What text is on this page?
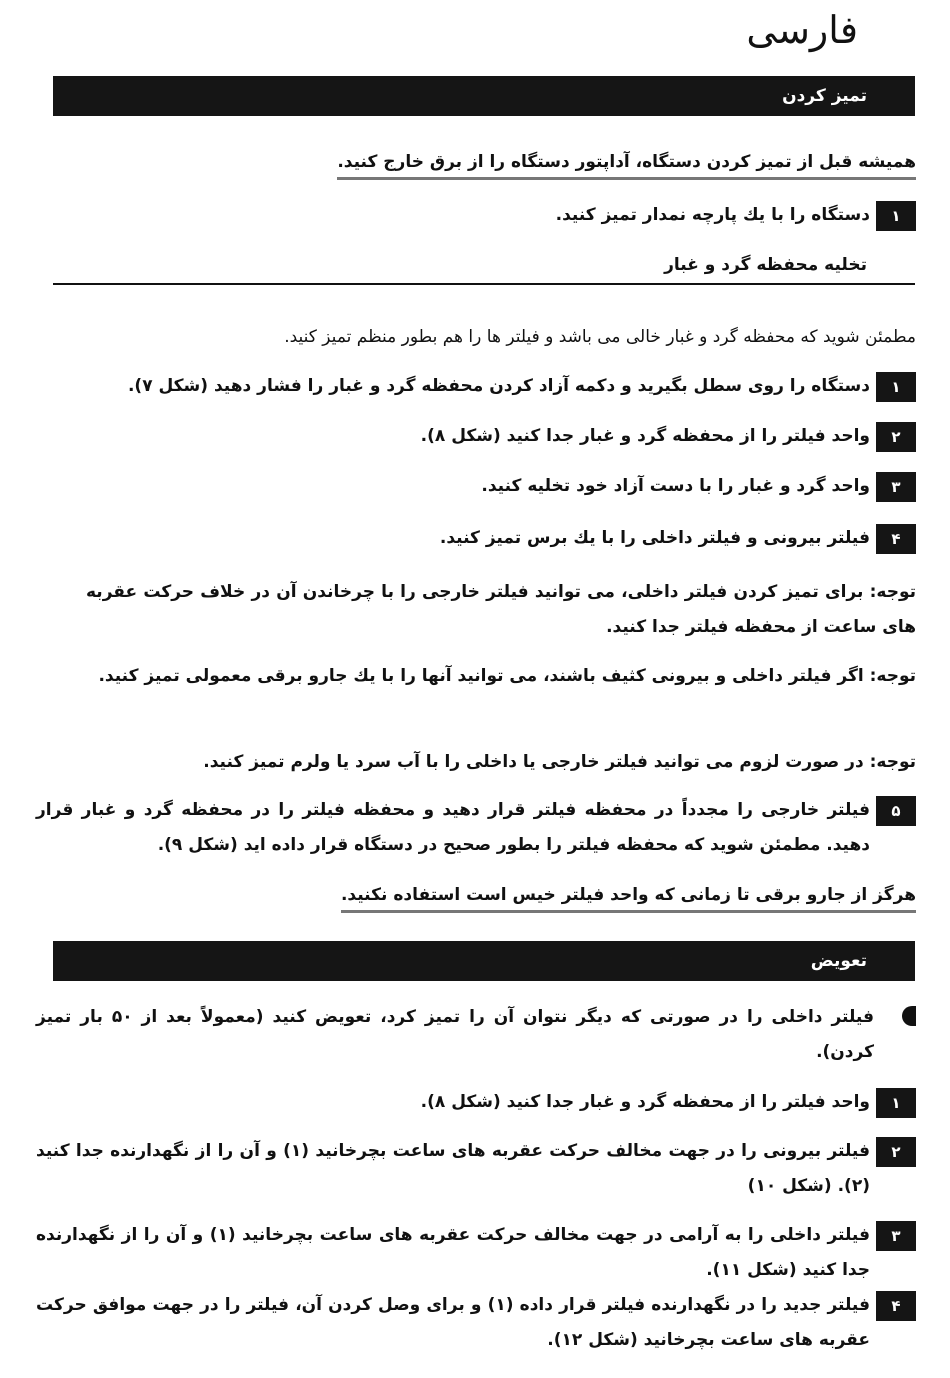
فارسی
تمیز کردن
همیشه قبل از تمیز کردن دستگاه، آداپتور دستگاه را از برق خارج کنید.
۱
دستگاه را با یك پارچه نمدار تمیز كنید.
تخلیه محفظه گرد و غبار
مطمئن شوید که محفظه گرد و غبار خالی می باشد و فیلتر ها را هم بطور منظم تمیز کنید.
۱
دستگاه را روی سطل بگیرید و دکمه آزاد کردن محفظه گرد و غبار را فشار دهید (شکل ۷).
۲
واحد فیلتر را از محفظه گرد و غبار جدا کنید (شکل ۸).
۳
واحد گرد و غبار را با دست آزاد خود تخلیه کنید.
۴
فیلتر بیرونی و فیلتر داخلی را با یك برس تمیز كنید.
توجه: برای تمیز کردن فیلتر داخلی، می توانید فیلتر خارجی را با چرخاندن آن در خلاف حرکت عقربه های ساعت از محفظه فیلتر جدا کنید.
توجه: اگر فیلتر داخلی و بیرونی کثیف باشند، می توانید آنها را با یك جارو برقی معمولی تمیز کنید.
توجه: در صورت لزوم می توانید فیلتر خارجی یا داخلی را با آب سرد یا ولرم تمیز کنید.
۵
فیلتر خارجی را مجدداً در محفظه فیلتر قرار دهید و محفظه فیلتر را در محفظه گرد و غبار قرار دهید. مطمئن شوید که محفظه فیلتر را بطور صحیح در دستگاه قرار داده اید (شکل ۹).
هرگز از جارو برقی تا زمانی که واحد فیلتر خیس است استفاده نکنید.
تعویض
فیلتر داخلی را در صورتی که دیگر نتوان آن را تمیز کرد، تعویض کنید (معمولاً بعد از ۵۰ بار تمیز کردن).
۱
واحد فیلتر را از محفظه گرد و غبار جدا کنید (شکل ۸).
۲
فیلتر بیرونی را در جهت مخالف حرکت عقربه های ساعت بچرخانید (۱) و آن را از نگهدارنده جدا کنید (۲). (شکل ۱۰)
۳
فیلتر داخلی را به آرامی در جهت مخالف حرکت عقربه های ساعت بچرخانید (۱) و آن را از نگهدارنده جدا کنید (شکل ۱۱).
۴
فیلتر جدید را در نگهدارنده فیلتر قرار داده (۱) و برای وصل کردن آن، فیلتر را در جهت موافق حرکت عقربه های ساعت بچرخانید (شکل ۱۲).
